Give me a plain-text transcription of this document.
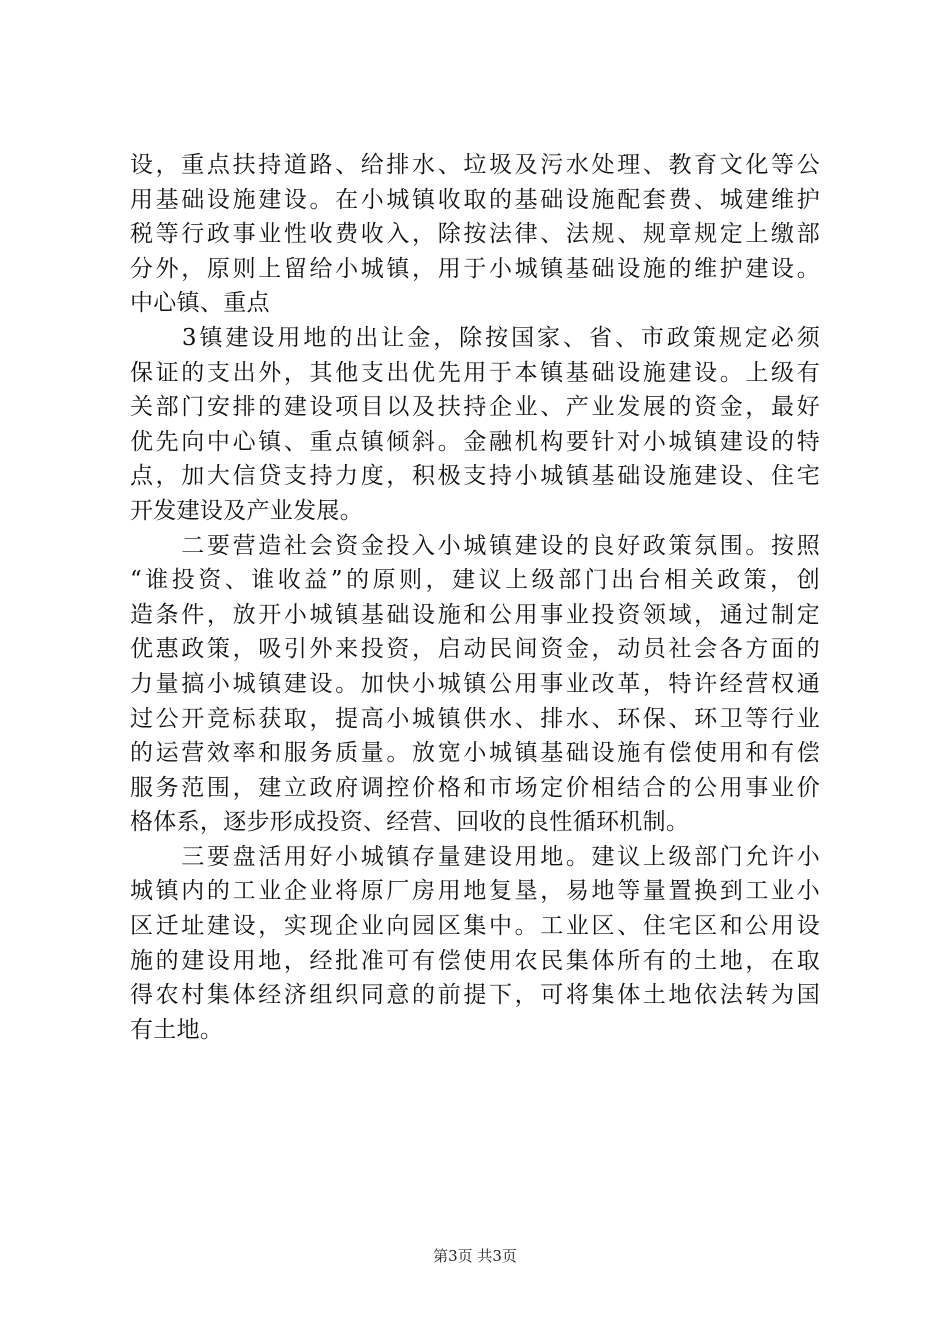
设，重点扶持道路、给排水、垃圾及污水处理、教育文化等公
用基础设施建设。在小城镇收取的基础设施配套费、城建维护
税等行政事业性收费收入，除按法律、法规、规章规定上缴部
分外，原则上留给小城镇，用于小城镇基础设施的维护建设。
中心镇、重点
　　3镇建设用地的出让金，除按国家、省、市政策规定必须
保证的支出外，其他支出优先用于本镇基础设施建设。上级有
关部门安排的建设项目以及扶持企业、产业发展的资金，最好
优先向中心镇、重点镇倾斜。金融机构要针对小城镇建设的特
点，加大信贷支持力度，积极支持小城镇基础设施建设、住宅
开发建设及产业发展。
　　二要营造社会资金投入小城镇建设的良好政策氛围。按照
“谁投资、谁收益”的原则，建议上级部门出台相关政策，创
造条件，放开小城镇基础设施和公用事业投资领域，通过制定
优惠政策，吸引外来投资，启动民间资金，动员社会各方面的
力量搞小城镇建设。加快小城镇公用事业改革，特许经营权通
过公开竞标获取，提高小城镇供水、排水、环保、环卫等行业
的运营效率和服务质量。放宽小城镇基础设施有偿使用和有偿
服务范围，建立政府调控价格和市场定价相结合的公用事业价
格体系，逐步形成投资、经营、回收的良性循环机制。
　　三要盘活用好小城镇存量建设用地。建议上级部门允许小
城镇内的工业企业将原厂房用地复垦，易地等量置换到工业小
区迁址建设，实现企业向园区集中。工业区、住宅区和公用设
施的建设用地，经批准可有偿使用农民集体所有的土地，在取
得农村集体经济组织同意的前提下，可将集体土地依法转为国
有土地。
第3页 共3页
